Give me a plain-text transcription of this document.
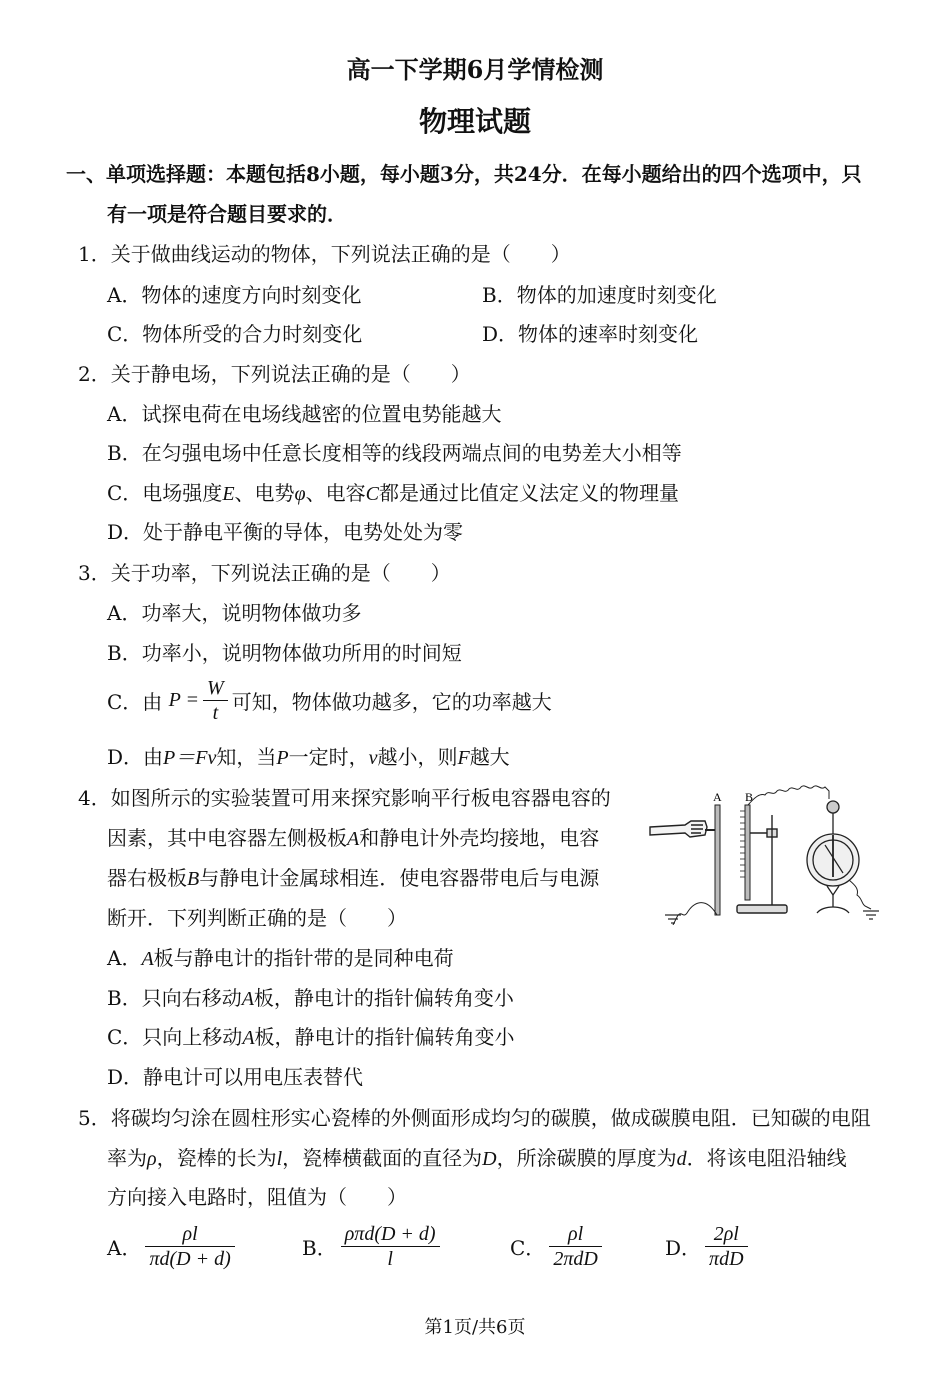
高一下学期6月学情检测
物理试题
一、单项选择题：本题包括8小题，每小题3分，共24分．在每小题给出的四个选项中，只
有一项是符合题目要求的．
1．关于做曲线运动的物体，下列说法正确的是（　　）
A．物体的速度方向时刻变化	B．物体的加速度时刻变化
C．物体所受的合力时刻变化	D．物体的速率时刻变化
2．关于静电场，下列说法正确的是（　　）
A．试探电荷在电场线越密的位置电势能越大
B．在匀强电场中任意长度相等的线段两端点间的电势差大小相等
C．电场强度E、电势φ、电容C都是通过比值定义法定义的物理量
D．处于静电平衡的导体，电势处处为零
3．关于功率，下列说法正确的是（　　）
A．功率大，说明物体做功多
B．功率小，说明物体做功所用的时间短
C．由 $P = \frac{W}{t}$ 可知，物体做功越多，它的功率越大
D．由P＝Fv知，当P一定时，v越小，则F越大
4．如图所示的实验装置可用来探究影响平行板电容器电容的
因素，其中电容器左侧极板A和静电计外壳均接地，电容
器右极板B与静电计金属球相连．使电容器带电后与电源
断开．下列判断正确的是（　　）
A．A板与静电计的指针带的是同种电荷
B．只向右移动A板，静电计的指针偏转角变小
C．只向上移动A板，静电计的指针偏转角变小
D．静电计可以用电压表替代
A B
5．将碳均匀涂在圆柱形实心瓷棒的外侧面形成均匀的碳膜，做成碳膜电阻．已知碳的电阻
率为ρ，瓷棒的长为l，瓷棒横截面的直径为D，所涂碳膜的厚度为d．将该电阻沿轴线
方向接入电路时，阻值为（　　）
A． $\frac{\rho l}{\pi d(D + d)}$	B． $\frac{\text{ρπd(D + d)}}{l}$	C． $\frac{\rho l}{\text{2πdD}}$	D． $\frac{2\rho l}{\text{πdD}}$
第1页/共6页
